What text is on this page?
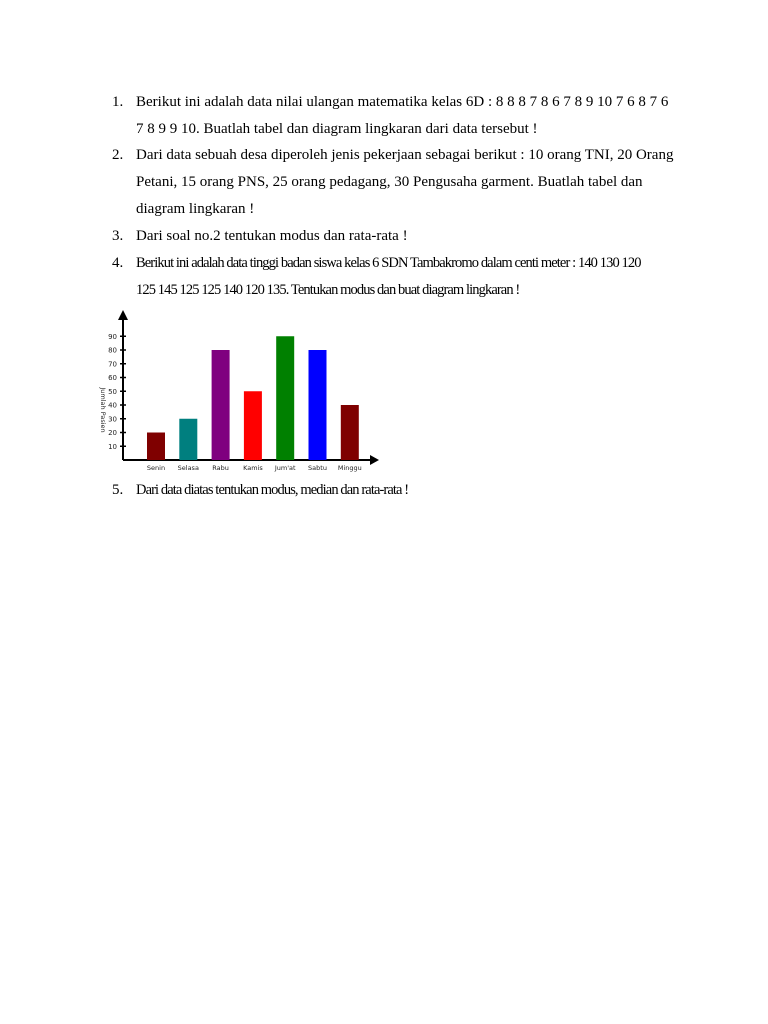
1. Berikut ini adalah data nilai ulangan matematika kelas 6D : 8 8 8 7 8 6 7 8 9 10 7 6 8 7 6
7 8 9 9 10. Buatlah tabel dan diagram lingkaran dari data tersebut !
2. Dari data sebuah desa diperoleh jenis pekerjaan sebagai berikut : 10 orang TNI, 20 Orang
Petani, 15 orang PNS, 25 orang pedagang, 30 Pengusaha garment. Buatlah tabel dan
diagram lingkaran !
3. Dari soal no.2 tentukan modus dan rata-rata !
4. Berikut ini adalah data tinggi badan siswa kelas 6 SDN Tambakromo dalam centi meter : 140 130 120
125 145 125 125 140 120 135. Tentukan modus dan buat diagram lingkaran !
10
20
30
40
50
60
70
80
90
Jumlah Pasien
Senin Selasa Rabu Kamis Jum'at Sabtu Minggu
5. Dari data diatas tentukan modus, median dan rata-rata !
